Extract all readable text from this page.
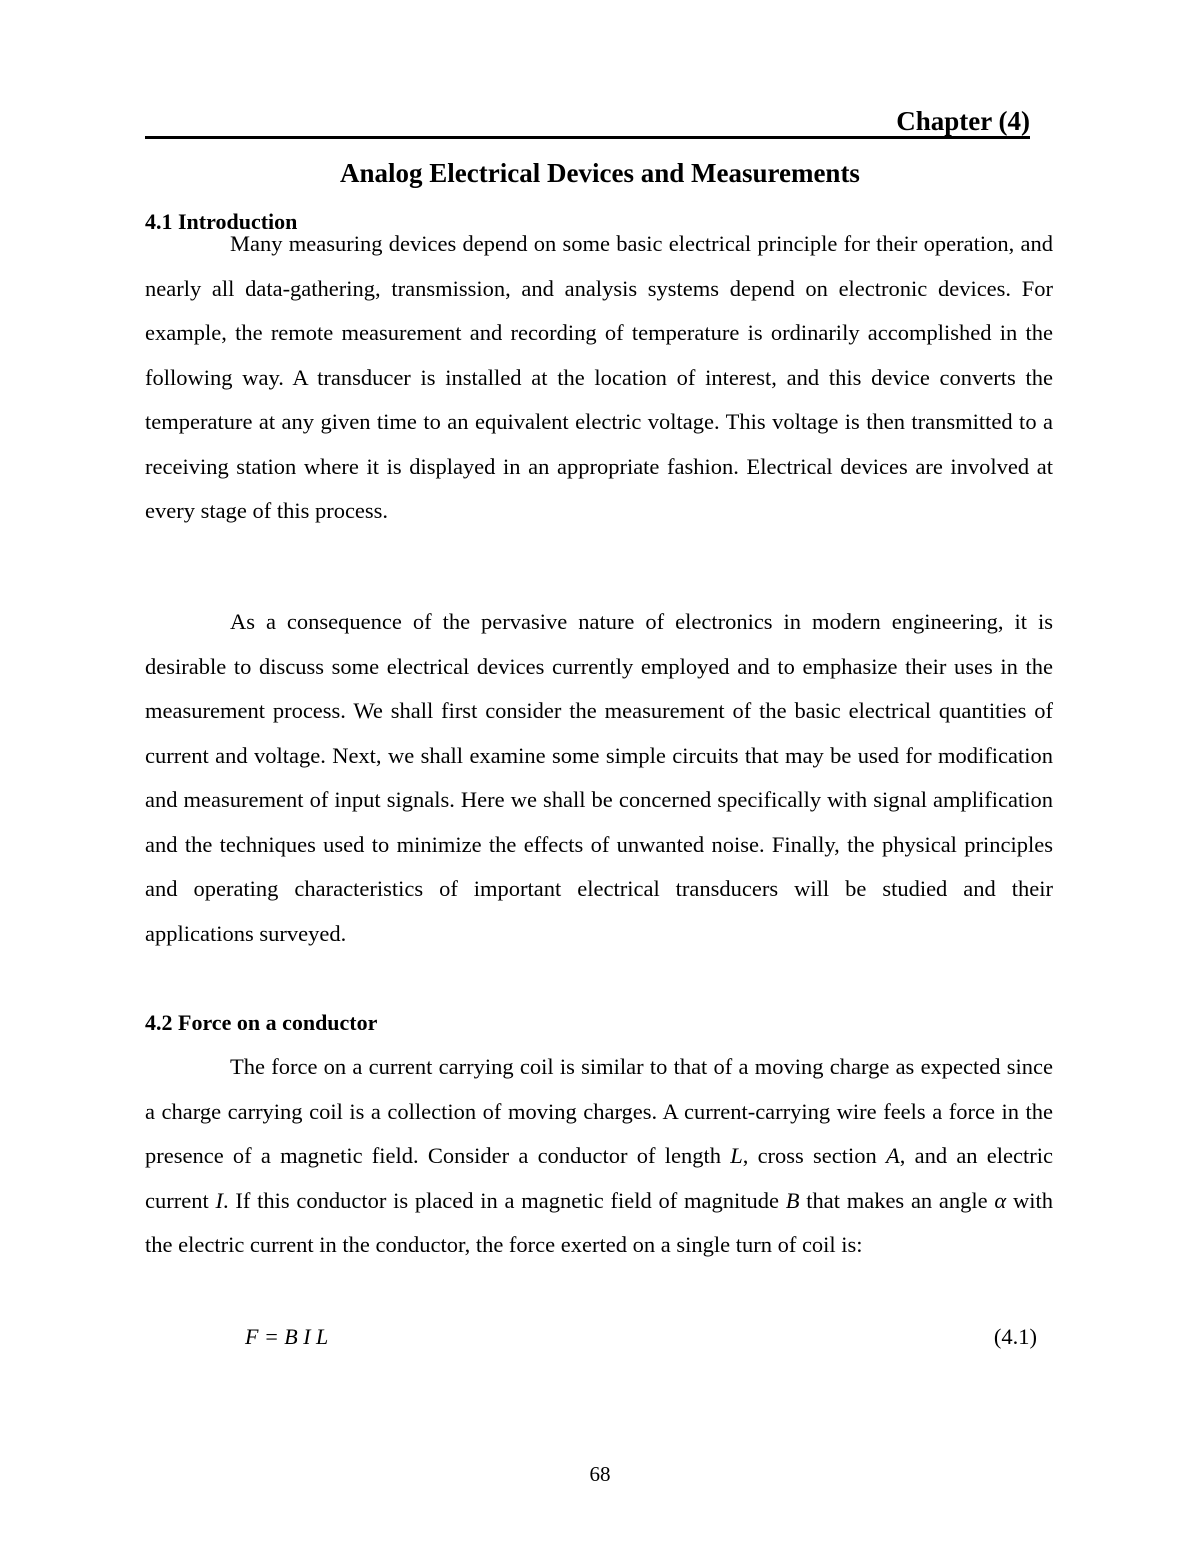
Chapter (4)
Analog Electrical Devices and Measurements
4.1 Introduction

Many measuring devices depend on some basic electrical principle for their operation, and nearly all data-gathering, transmission, and analysis systems depend on electronic devices. For example, the remote measurement and recording of temperature is ordinarily accomplished in the following way. A transducer is installed at the location of interest, and this device converts the temperature at any given time to an equivalent electric voltage. This voltage is then transmitted to a receiving station where it is displayed in an appropriate fashion. Electrical devices are involved at every stage of this process.

As a consequence of the pervasive nature of electronics in modern engineering, it is desirable to discuss some electrical devices currently employed and to emphasize their uses in the measurement process. We shall first consider the measurement of the basic electrical quantities of current and voltage. Next, we shall examine some simple circuits that may be used for modification and measurement of input signals. Here we shall be concerned specifically with signal amplification and the techniques used to minimize the effects of unwanted noise. Finally, the physical principles and operating characteristics of important electrical transducers will be studied and their applications surveyed.

4.2 Force on a conductor

The force on a current carrying coil is similar to that of a moving charge as expected since a charge carrying coil is a collection of moving charges. A current-carrying wire feels a force in the presence of a magnetic field. Consider a conductor of length L, cross section A, and an electric current I. If this conductor is placed in a magnetic field of magnitude B that makes an angle α with the electric current in the conductor, the force exerted on a single turn of coil is:

F = B I L	(4.1)
68
